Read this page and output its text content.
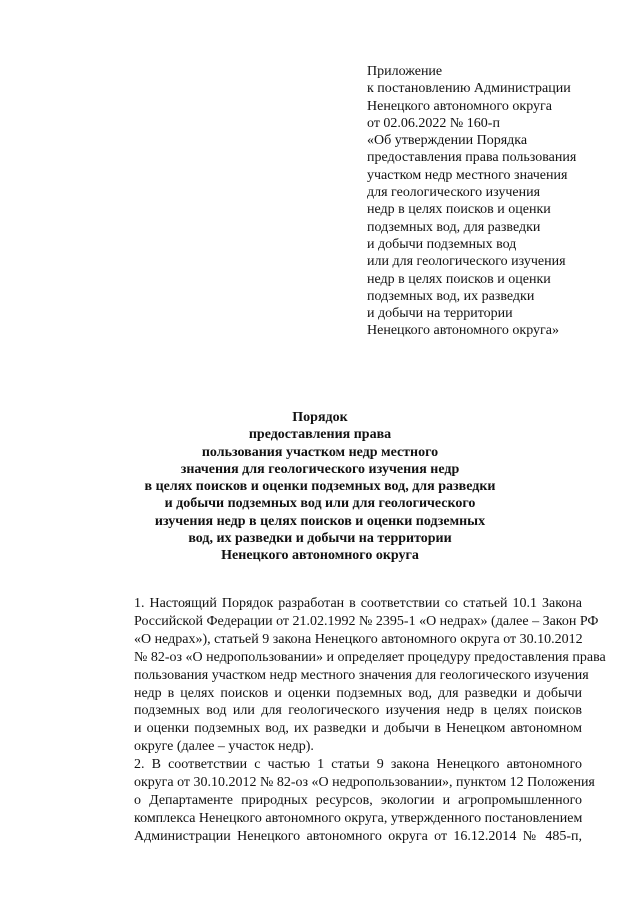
Приложение
к постановлению Администрации
Ненецкого автономного округа
от 02.06.2022 № 160-п
«Об утверждении Порядка
предоставления права пользования
участком недр местного значения
для геологического изучения
недр в целях поисков и оценки
подземных вод, для разведки
и добычи подземных вод
или для геологического изучения
недр в целях поисков и оценки
подземных вод, их разведки
и добычи на территории
Ненецкого автономного округа»
Порядок
предоставления права
пользования участком недр местного
значения для геологического изучения недр
в целях поисков и оценки подземных вод, для разведки
и добычи подземных вод или для геологического
изучения недр в целях поисков и оценки подземных
вод, их разведки и добычи на территории
Ненецкого автономного округа
1. Настоящий Порядок разработан в соответствии со статьей 10.1 Закона
Российской Федерации от 21.02.1992 № 2395-1 «О недрах» (далее – Закон РФ
«О недрах»), статьей 9 закона Ненецкого автономного округа от 30.10.2012
№ 82-оз «О недропользовании» и определяет процедуру предоставления права
пользования участком недр местного значения для геологического изучения
недр в целях поисков и оценки подземных вод, для разведки и добычи
подземных вод или для геологического изучения недр в целях поисков
и оценки подземных вод, их разведки и добычи в Ненецком автономном
округе (далее – участок недр).
2. В соответствии с частью 1 статьи 9 закона Ненецкого автономного
округа от 30.10.2012 № 82-оз «О недропользовании», пунктом 12 Положения
о Департаменте природных ресурсов, экологии и агропромышленного
комплекса Ненецкого автономного округа, утвержденного постановлением
Администрации Ненецкого автономного округа от 16.12.2014 № 485-п,
